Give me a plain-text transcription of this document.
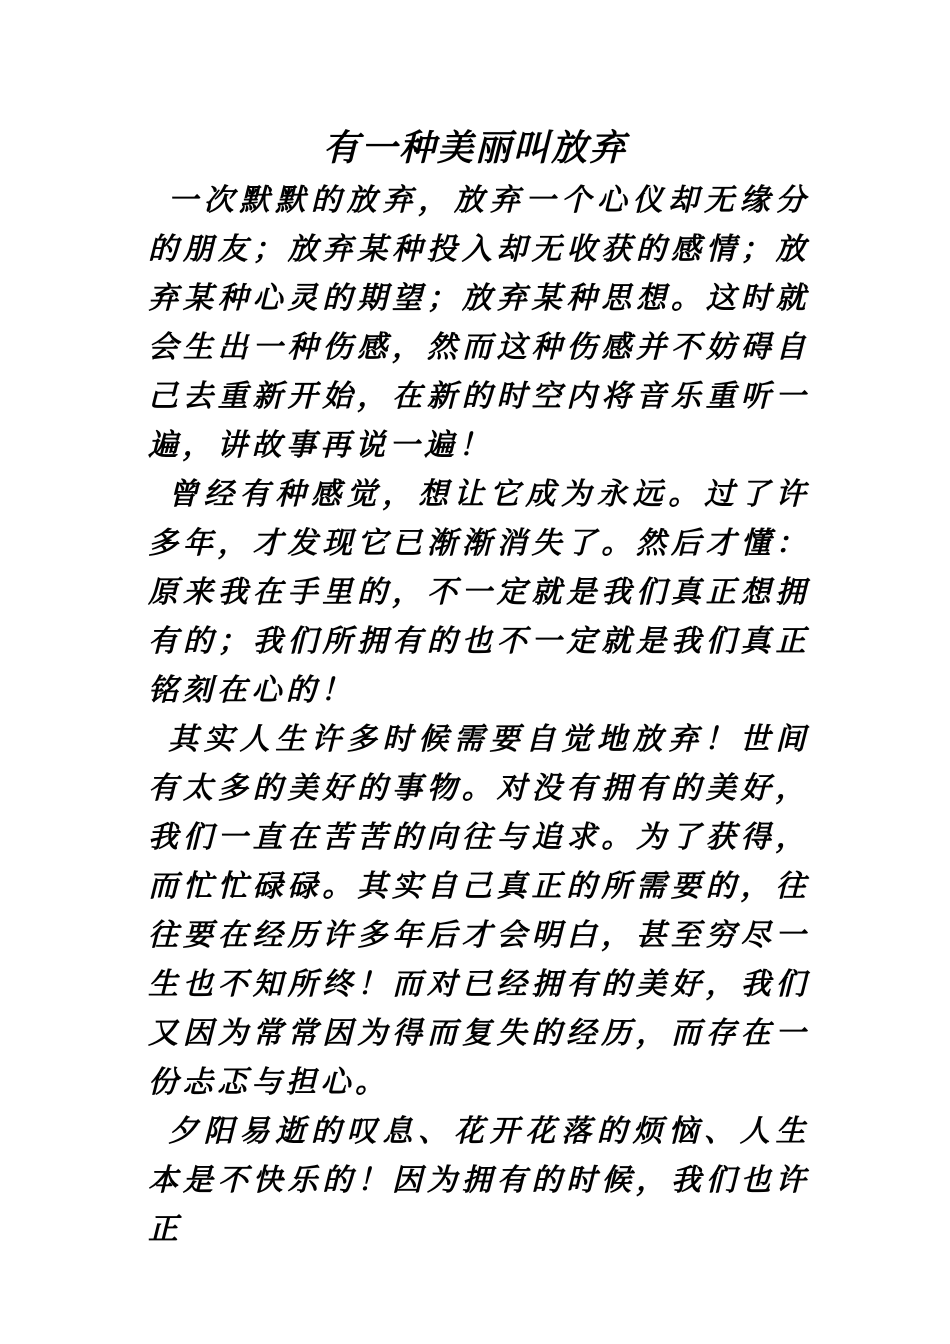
有一种美丽叫放弃

一次默默的放弃，放弃一个心仪却无缘分的朋友；放弃某种投入却无收获的感情；放弃某种心灵的期望；放弃某种思想。这时就会生出一种伤感，然而这种伤感并不妨碍自己去重新开始，在新的时空内将音乐重听一遍，讲故事再说一遍！

曾经有种感觉，想让它成为永远。过了许多年，才发现它已渐渐消失了。然后才懂：原来我在手里的，不一定就是我们真正想拥有的；我们所拥有的也不一定就是我们真正铭刻在心的！

其实人生许多时候需要自觉地放弃！世间有太多的美好的事物。对没有拥有的美好，我们一直在苦苦的向往与追求。为了获得，而忙忙碌碌。其实自己真正的所需要的，往往要在经历许多年后才会明白，甚至穷尽一生也不知所终！而对已经拥有的美好，我们又因为常常因为得而复失的经历，而存在一份忐忑与担心。

夕阳易逝的叹息、花开花落的烦恼、人生本是不快乐的！因为拥有的时候，我们也许正
